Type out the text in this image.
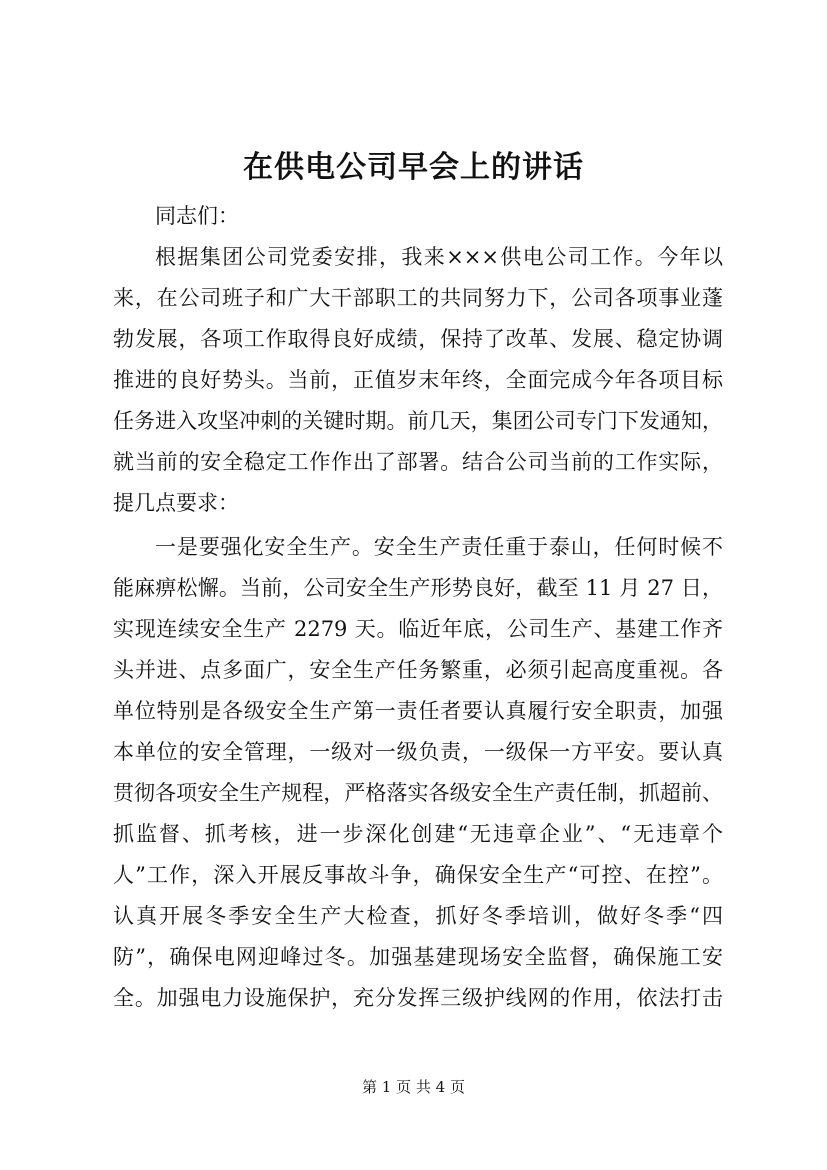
在供电公司早会上的讲话
同志们：
根据集团公司党委安排，我来×××供电公司工作。今年以
来，在公司班子和广大干部职工的共同努力下，公司各项事业蓬
勃发展，各项工作取得良好成绩，保持了改革、发展、稳定协调
推进的良好势头。当前，正值岁末年终，全面完成今年各项目标
任务进入攻坚冲刺的关键时期。前几天，集团公司专门下发通知，
就当前的安全稳定工作作出了部署。结合公司当前的工作实际，
提几点要求：
一是要强化安全生产。安全生产责任重于泰山，任何时候不
能麻痹松懈。当前，公司安全生产形势良好，截至 11 月 27 日，
实现连续安全生产 2279 天。临近年底，公司生产、基建工作齐
头并进、点多面广，安全生产任务繁重，必须引起高度重视。各
单位特别是各级安全生产第一责任者要认真履行安全职责，加强
本单位的安全管理，一级对一级负责，一级保一方平安。要认真
贯彻各项安全生产规程，严格落实各级安全生产责任制，抓超前、
抓监督、抓考核，进一步深化创建“无违章企业”、“无违章个
人”工作，深入开展反事故斗争，确保安全生产“可控、在控”。
认真开展冬季安全生产大检查，抓好冬季培训，做好冬季“四
防”，确保电网迎峰过冬。加强基建现场安全监督，确保施工安
全。加强电力设施保护，充分发挥三级护线网的作用，依法打击
第 1 页 共 4 页
